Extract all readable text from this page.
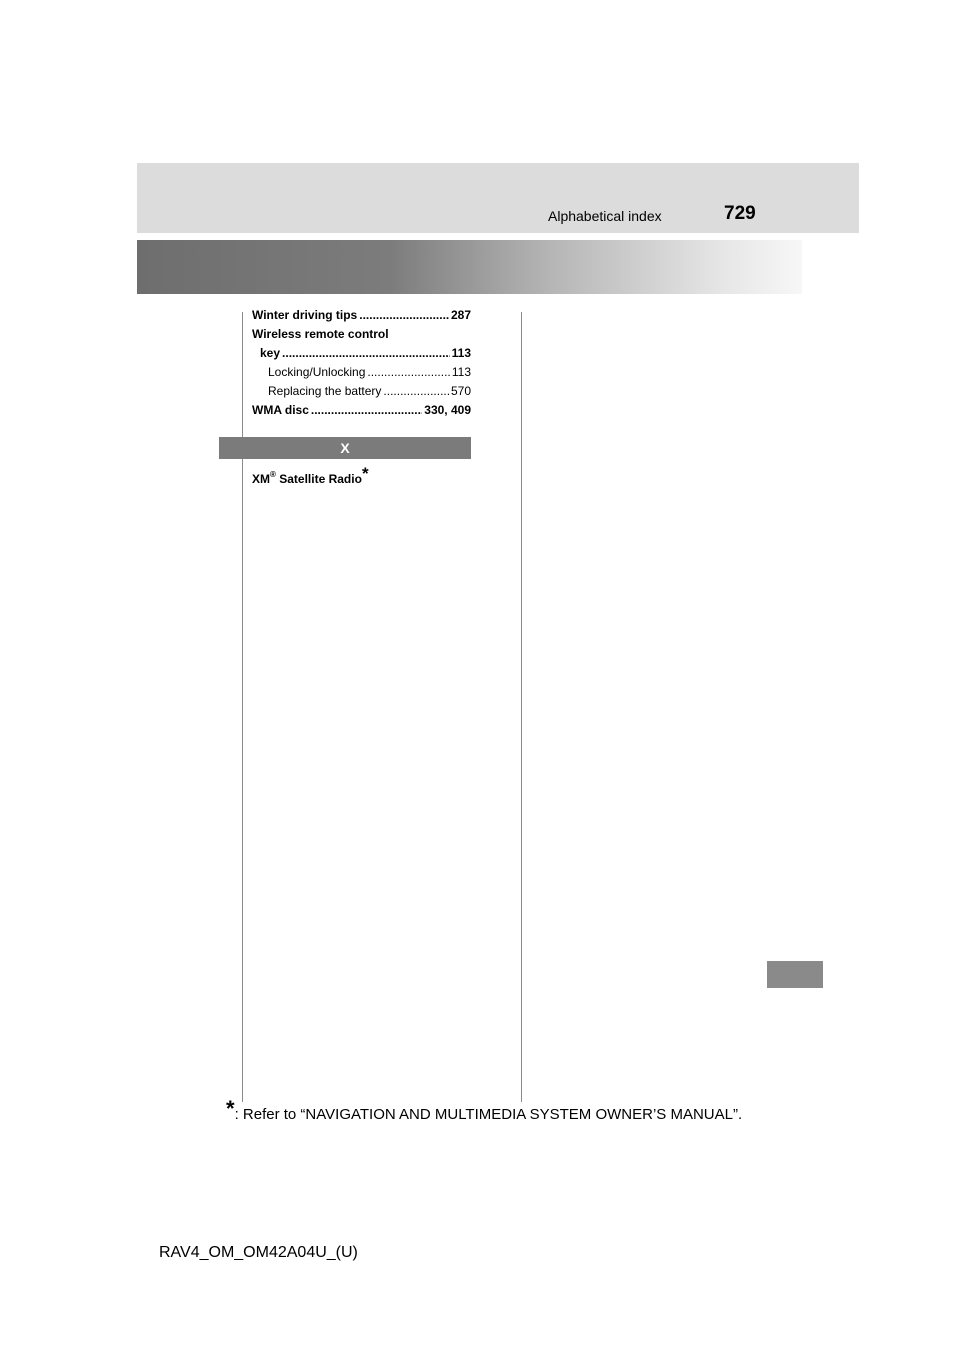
Alphabetical index	729
Winter driving tips .....	287
Wireless remote control
key .....	113
Locking/Unlocking .....	113
Replacing the battery .....	570
WMA disc .....	330, 409
X
XM® Satellite Radio*
*: Refer to “NAVIGATION AND MULTIMEDIA SYSTEM OWNER’S MANUAL”.
RAV4_OM_OM42A04U_(U)
